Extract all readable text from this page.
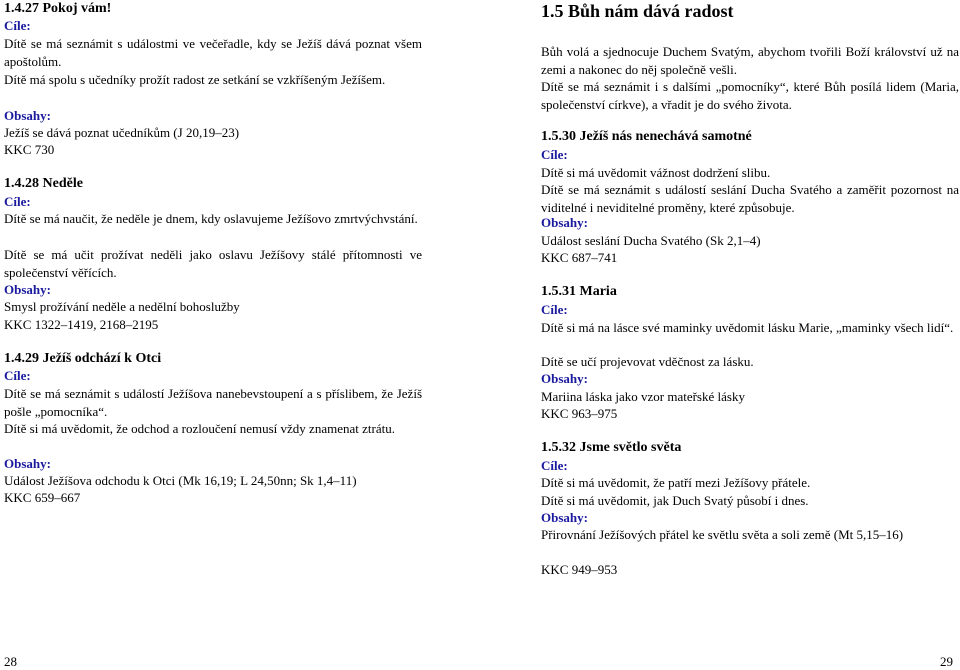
1.4.27 Pokoj vám!
Cíle:
Dítě se má seznámit s událostmi ve večeřadle, kdy se Ježíš dává poznat všem apoštolům.
Dítě má spolu s učedníky prožít radost ze setkání se vzkříšeným Ježíšem.
Obsahy:
Ježíš se dává poznat učedníkům (J 20,19–23)
KKC 730
1.4.28 Neděle
Cíle:
Dítě se má naučit, že neděle je dnem, kdy oslavujeme Ježíšovo zmrtvýchvstání.
Dítě se má učit prožívat neděli jako oslavu Ježíšovy stálé přítomnosti ve společenství věřících.
Obsahy:
Smysl prožívání neděle a nedělní bohoslužby
KKC 1322–1419, 2168–2195
1.4.29 Ježíš odchází k Otci
Cíle:
Dítě se má seznámit s událostí Ježíšova nanebevstoupení a s příslibem, že Ježíš pošle „pomocníka“.
Dítě si má uvědomit, že odchod a rozloučení nemusí vždy znamenat ztrátu.
Obsahy:
Událost Ježíšova odchodu k Otci (Mk 16,19; L 24,50nn; Sk 1,4–11)
KKC 659–667
28
1.5 Bůh nám dává radost
Bůh volá a sjednocuje Duchem Svatým, abychom tvořili Boží království už na zemi a nakonec do něj společně vešli.
Dítě se má seznámit i s dalšími „pomocníky“, které Bůh posílá lidem (Maria, společenství církve), a vřadit je do svého života.
1.5.30 Ježíš nás nenechává samotné
Cíle:
Dítě si má uvědomit vážnost dodržení slibu.
Dítě se má seznámit s událostí seslání Ducha Svatého a zaměřit pozornost na viditelné i neviditelné proměny, které způsobuje.
Obsahy:
Událost seslání Ducha Svatého (Sk 2,1–4)
KKC 687–741
1.5.31 Maria
Cíle:
Dítě si má na lásce své maminky uvědomit lásku Marie, „maminky všech lidí“.
Dítě se učí projevovat vděčnost za lásku.
Obsahy:
Mariina láska jako vzor mateřské lásky
KKC 963–975
1.5.32 Jsme světlo světa
Cíle:
Dítě si má uvědomit, že patří mezi Ježíšovy přátele.
Dítě si má uvědomit, jak Duch Svatý působí i dnes.
Obsahy:
Přirovnání Ježíšových přátel ke světlu světa a soli země (Mt 5,15–16)
KKC 949–953
29
